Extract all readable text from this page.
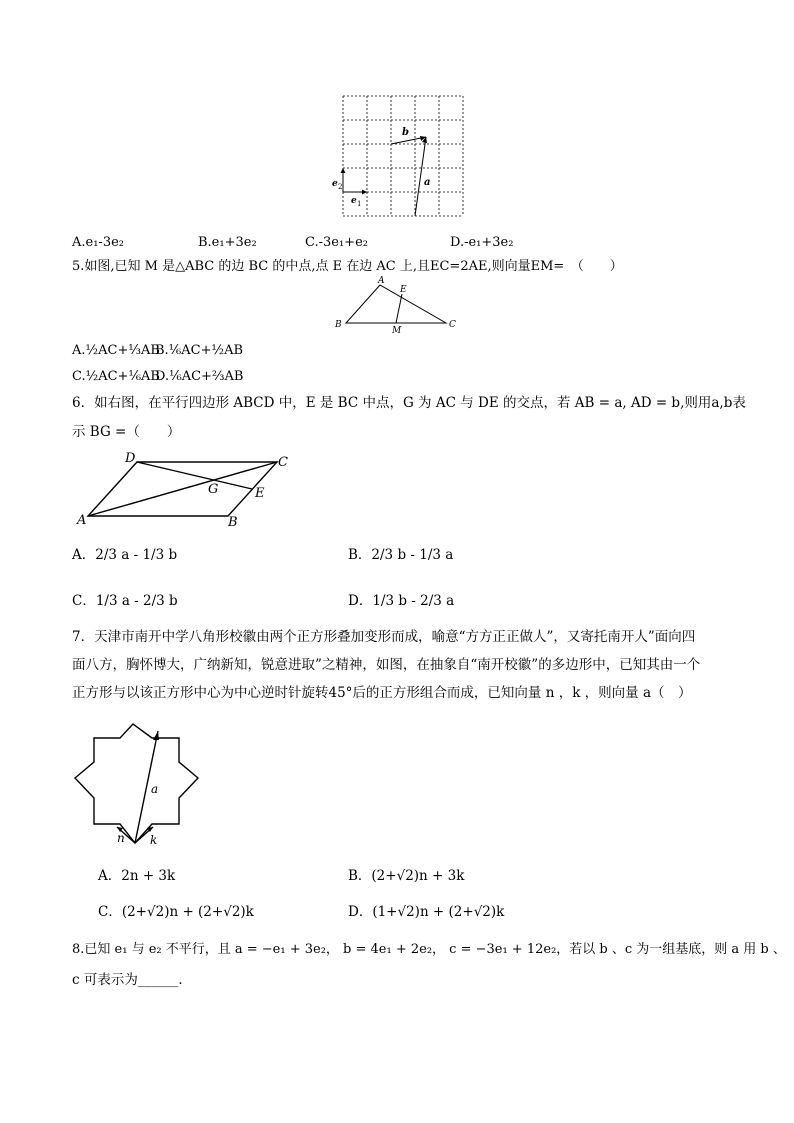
b
a
e 2
e 1
A.e₁-3e₂	B.e₁+3e₂	C.-3e₁+e₂	D.-e₁+3e₂
5.如图,已知 M 是△ABC 的边 BC 的中点,点 E 在边 AC 上,且EC=2AE,则向量EM=　（　　）
A
E
B
M
C
A.½AC+⅓AB
B.⅙AC+½AB
C.½AC+⅙AB
D.⅙AC+⅔AB
6．如右图，在平行四边形 ABCD 中，E 是 BC 中点，G 为 AC 与 DE 的交点，若 AB = a, AD = b,则用a,b表
示 BG =（　　）
D	C
G	E
A	B
A．2/3 a - 1/3 b	B．2/3 b - 1/3 a
C．1/3 a - 2/3 b	D．1/3 b - 2/3 a
7．天津市南开中学八角形校徽由两个正方形叠加变形而成，喻意“方方正正做人”，又寄托南开人”面向四
面八方，胸怀博大，广纳新知，锐意进取”之精神，如图，在抽象自“南开校徽”的多边形中，已知其由一个
正方形与以该正方形中心为中心逆时针旋转45°后的正方形组合而成，已知向量 n ，k ，则向量 a（　）
a
n k
A．2n + 3k	B．(2+√2)n + 3k
C．(2+√2)n + (2+√2)k	D．(1+√2)n + (2+√2)k
8.已知 e₁ 与 e₂ 不平行，且 a = −e₁ + 3e₂， b = 4e₁ + 2e₂， c = −3e₁ + 12e₂，若以 b 、c 为一组基底，则 a 用 b 、
c 可表示为______．
